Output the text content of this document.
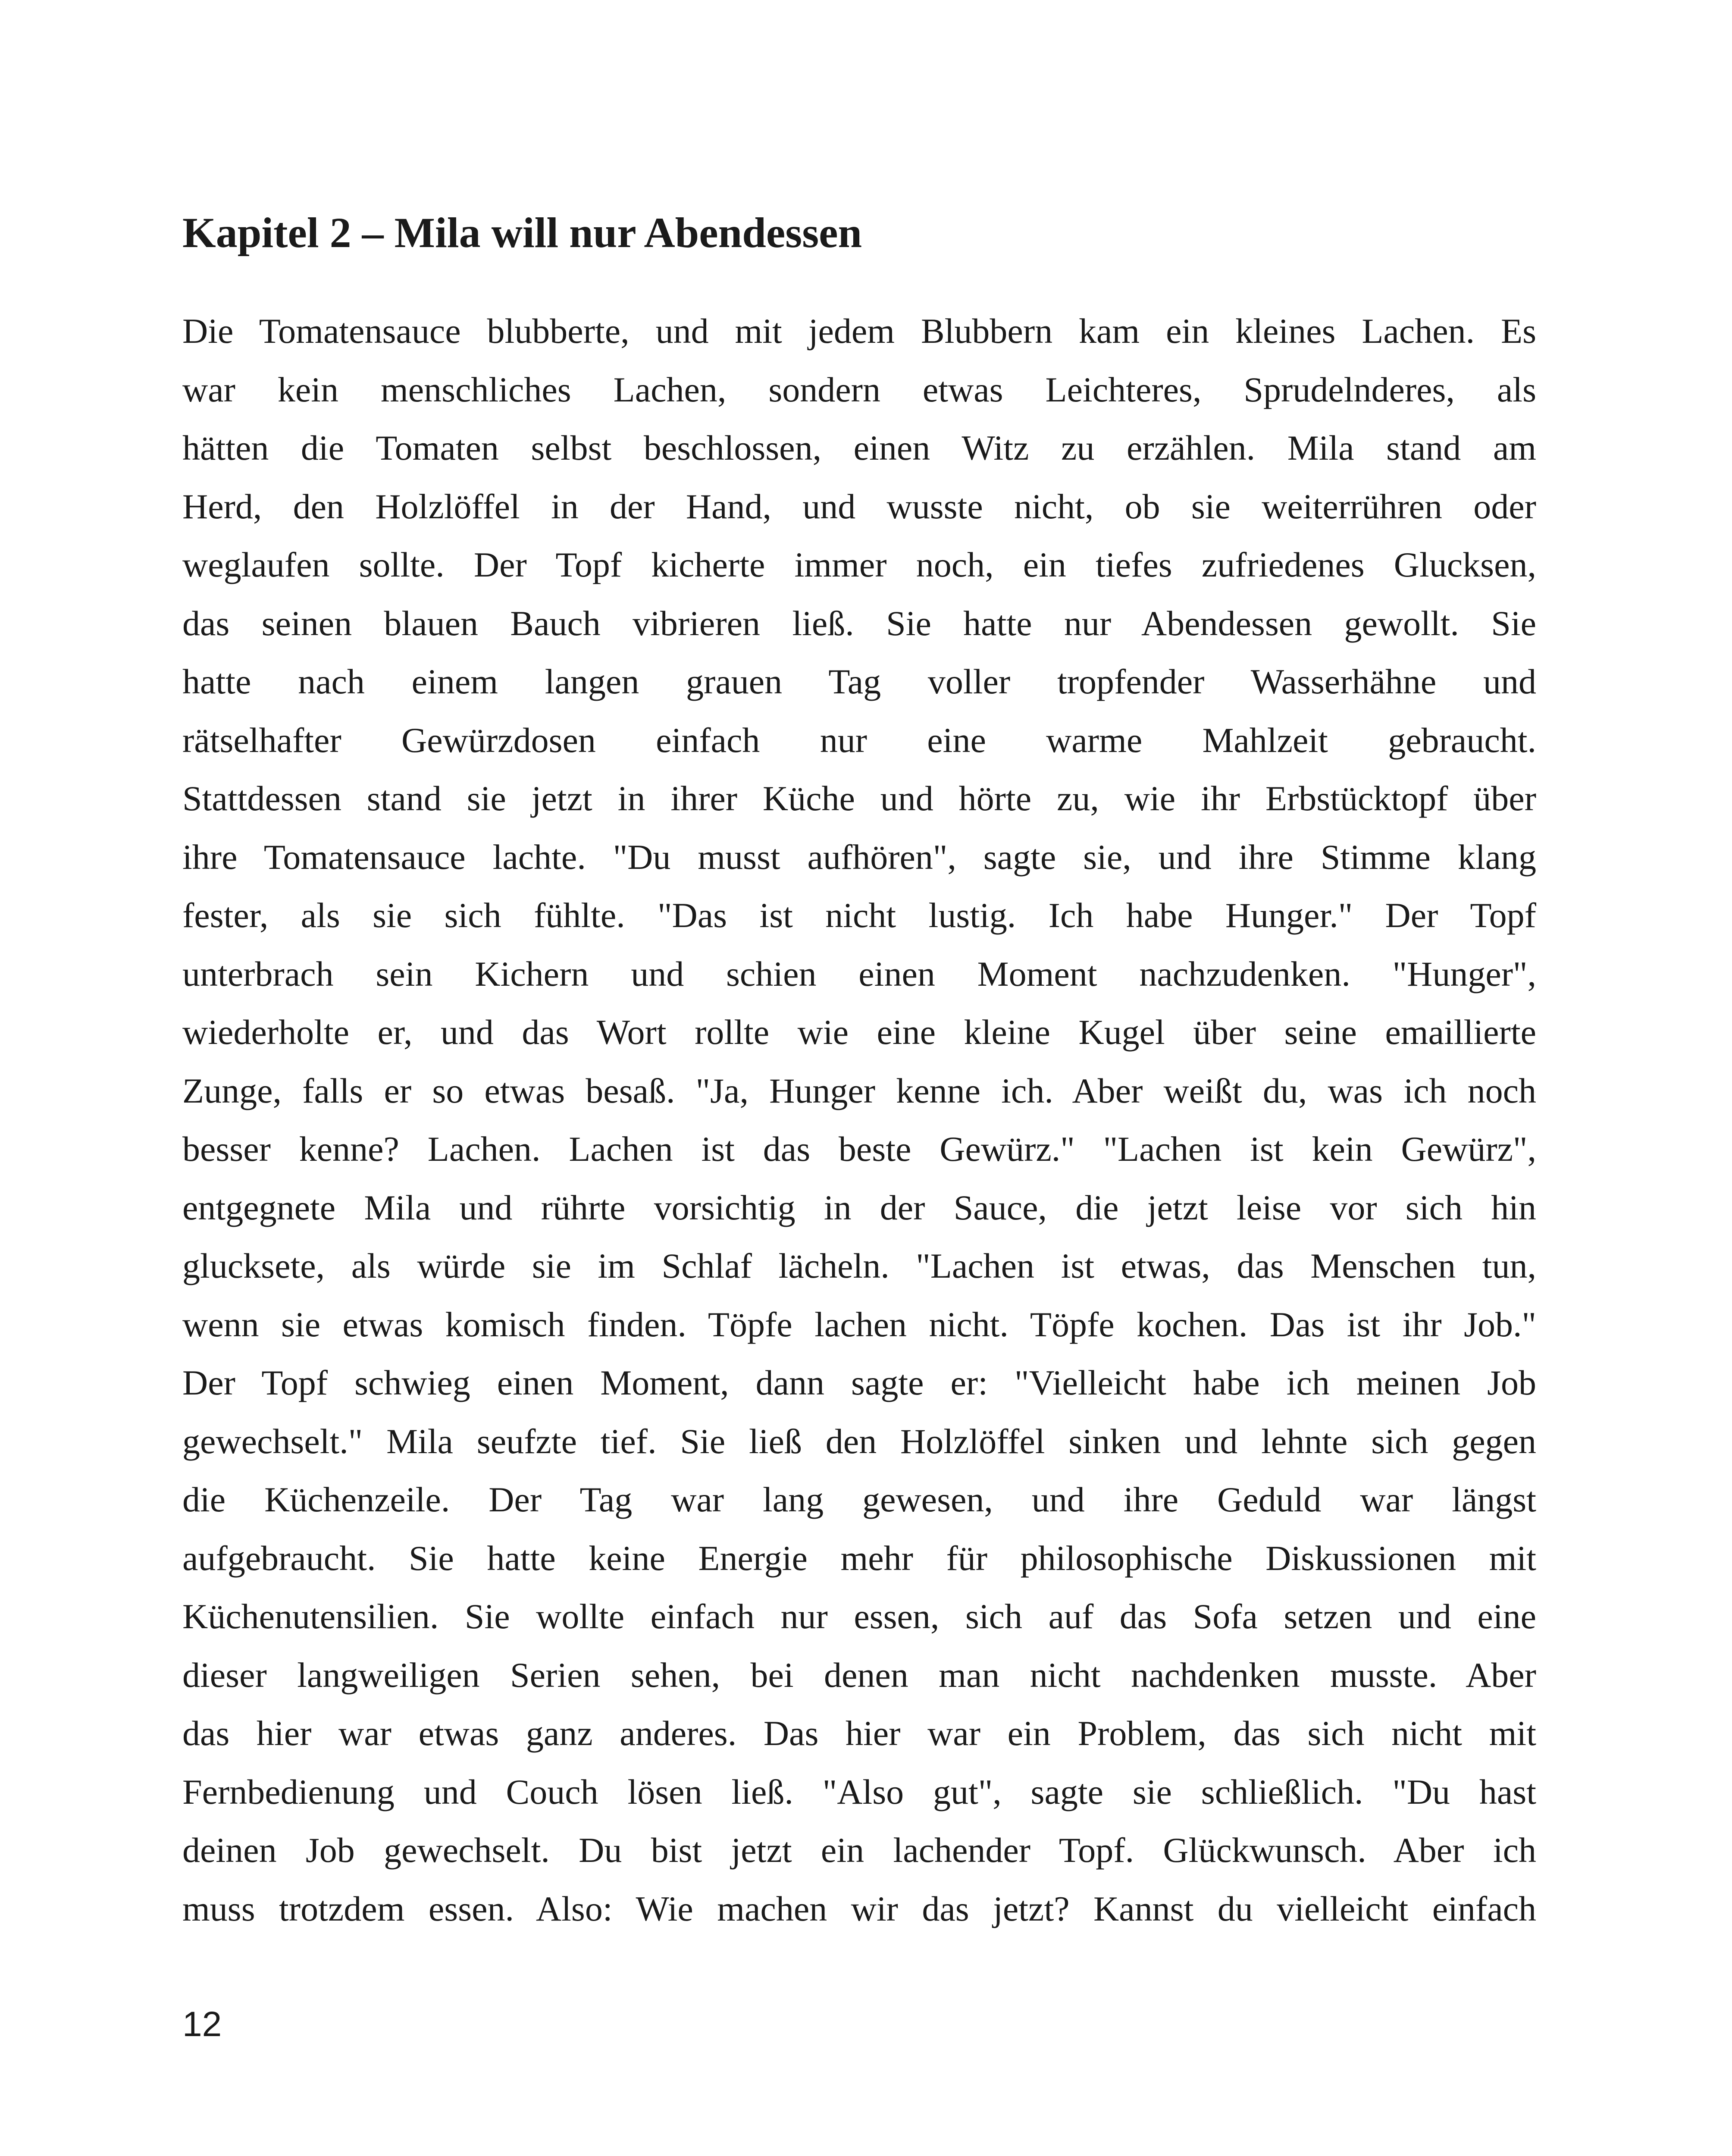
Kapitel 2 – Mila will nur Abendessen
Die Tomatensauce blubberte, und mit jedem Blubbern kam ein kleines Lachen. Es
war kein menschliches Lachen, sondern etwas Leichteres, Sprudelnderes, als
hätten die Tomaten selbst beschlossen, einen Witz zu erzählen. Mila stand am
Herd, den Holzlöffel in der Hand, und wusste nicht, ob sie weiterrühren oder
weglaufen sollte. Der Topf kicherte immer noch, ein tiefes zufriedenes Glucksen,
das seinen blauen Bauch vibrieren ließ. Sie hatte nur Abendessen gewollt. Sie
hatte nach einem langen grauen Tag voller tropfender Wasserhähne und
rätselhafter Gewürzdosen einfach nur eine warme Mahlzeit gebraucht.
Stattdessen stand sie jetzt in ihrer Küche und hörte zu, wie ihr Erbstücktopf über
ihre Tomatensauce lachte. "Du musst aufhören", sagte sie, und ihre Stimme klang
fester, als sie sich fühlte. "Das ist nicht lustig. Ich habe Hunger." Der Topf
unterbrach sein Kichern und schien einen Moment nachzudenken. "Hunger",
wiederholte er, und das Wort rollte wie eine kleine Kugel über seine emaillierte
Zunge, falls er so etwas besaß. "Ja, Hunger kenne ich. Aber weißt du, was ich noch
besser kenne? Lachen. Lachen ist das beste Gewürz." "Lachen ist kein Gewürz",
entgegnete Mila und rührte vorsichtig in der Sauce, die jetzt leise vor sich hin
glucksete, als würde sie im Schlaf lächeln. "Lachen ist etwas, das Menschen tun,
wenn sie etwas komisch finden. Töpfe lachen nicht. Töpfe kochen. Das ist ihr Job."
Der Topf schwieg einen Moment, dann sagte er: "Vielleicht habe ich meinen Job
gewechselt." Mila seufzte tief. Sie ließ den Holzlöffel sinken und lehnte sich gegen
die Küchenzeile. Der Tag war lang gewesen, und ihre Geduld war längst
aufgebraucht. Sie hatte keine Energie mehr für philosophische Diskussionen mit
Küchenutensilien. Sie wollte einfach nur essen, sich auf das Sofa setzen und eine
dieser langweiligen Serien sehen, bei denen man nicht nachdenken musste. Aber
das hier war etwas ganz anderes. Das hier war ein Problem, das sich nicht mit
Fernbedienung und Couch lösen ließ. "Also gut", sagte sie schließlich. "Du hast
deinen Job gewechselt. Du bist jetzt ein lachender Topf. Glückwunsch. Aber ich
muss trotzdem essen. Also: Wie machen wir das jetzt? Kannst du vielleicht einfach
12
